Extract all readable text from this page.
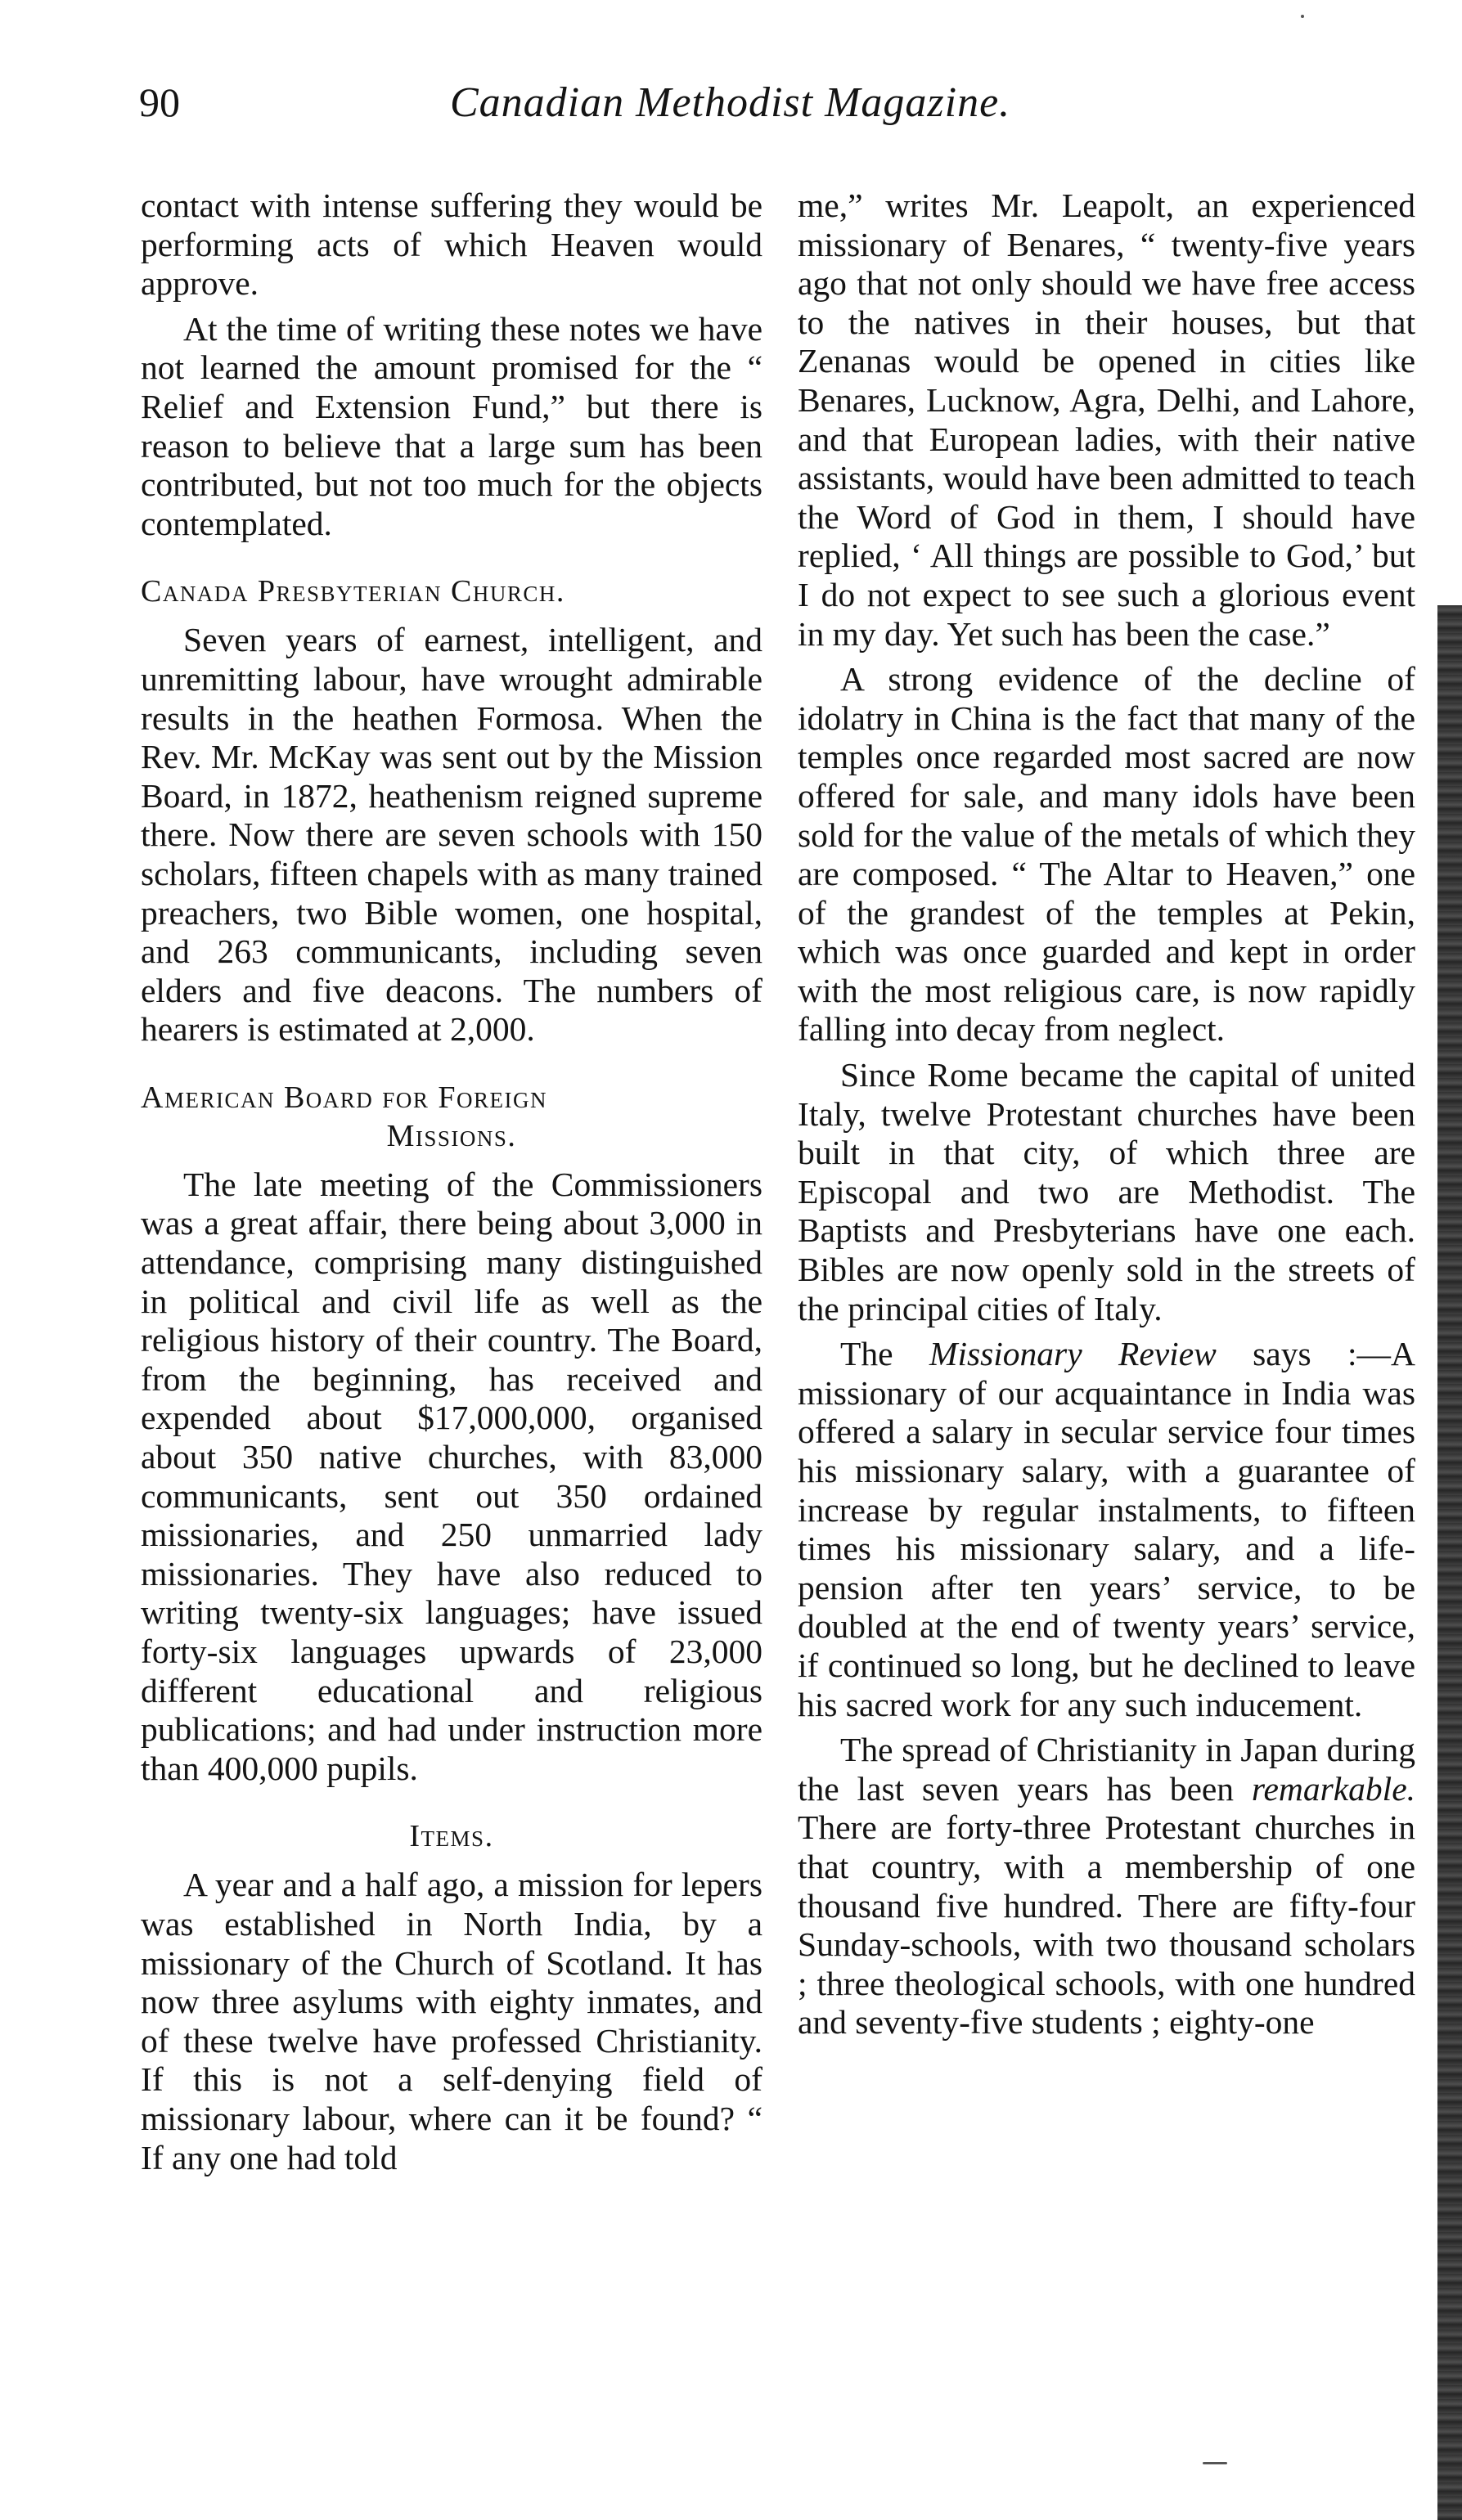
90	Canadian Methodist Magazine.

contact with intense suffering they would be performing acts of which Heaven would approve.

At the time of writing these notes we have not learned the amount promised for the “ Relief and Extension Fund,” but there is reason to believe that a large sum has been contributed, but not too much for the objects contemplated.

Canada Presbyterian Church.

Seven years of earnest, intelligent, and unremitting labour, have wrought admirable results in the heathen Formosa. When the Rev. Mr. McKay was sent out by the Mission Board, in 1872, heathenism reigned supreme there. Now there are seven schools with 150 scholars, fifteen chapels with as many trained preachers, two Bible women, one hospital, and 263 communicants, including seven elders and five deacons. The numbers of hearers is estimated at 2,000.

American Board for Foreign
Missions.

The late meeting of the Commissioners was a great affair, there being about 3,000 in attendance, comprising many distinguished in political and civil life as well as the religious history of their country. The Board, from the beginning, has received and expended about $17,000,000, organised about 350 native churches, with 83,000 communicants, sent out 350 ordained missionaries, and 250 unmarried lady missionaries. They have also reduced to writing twenty-six languages; have issued forty-six languages upwards of 23,000 different educational and religious publications; and had under instruction more than 400,000 pupils.

Items.

A year and a half ago, a mission for lepers was established in North India, by a missionary of the Church of Scotland. It has now three asylums with eighty inmates, and of these twelve have professed Christianity. If this is not a self-denying field of missionary labour, where can it be found? “ If any one had told

me,” writes Mr. Leapolt, an experienced missionary of Benares, “ twenty-five years ago that not only should we have free access to the natives in their houses, but that Zenanas would be opened in cities like Benares, Lucknow, Agra, Delhi, and Lahore, and that European ladies, with their native assistants, would have been admitted to teach the Word of God in them, I should have replied, ‘ All things are possible to God,’ but I do not expect to see such a glorious event in my day. Yet such has been the case.”

A strong evidence of the decline of idolatry in China is the fact that many of the temples once regarded most sacred are now offered for sale, and many idols have been sold for the value of the metals of which they are composed. “ The Altar to Heaven,” one of the grandest of the temples at Pekin, which was once guarded and kept in order with the most religious care, is now rapidly falling into decay from neglect.

Since Rome became the capital of united Italy, twelve Protestant churches have been built in that city, of which three are Episcopal and two are Methodist. The Baptists and Presbyterians have one each. Bibles are now openly sold in the streets of the principal cities of Italy.

The Missionary Review says :—A missionary of our acquaintance in India was offered a salary in secular service four times his missionary salary, with a guarantee of increase by regular instalments, to fifteen times his missionary salary, and a life-pension after ten years’ service, to be doubled at the end of twenty years’ service, if continued so long, but he declined to leave his sacred work for any such inducement.

The spread of Christianity in Japan during the last seven years has been remarkable. There are forty-three Protestant churches in that country, with a membership of one thousand five hundred. There are fifty-four Sunday-schools, with two thousand scholars ; three theological schools, with one hundred and seventy-five students ; eighty-one
